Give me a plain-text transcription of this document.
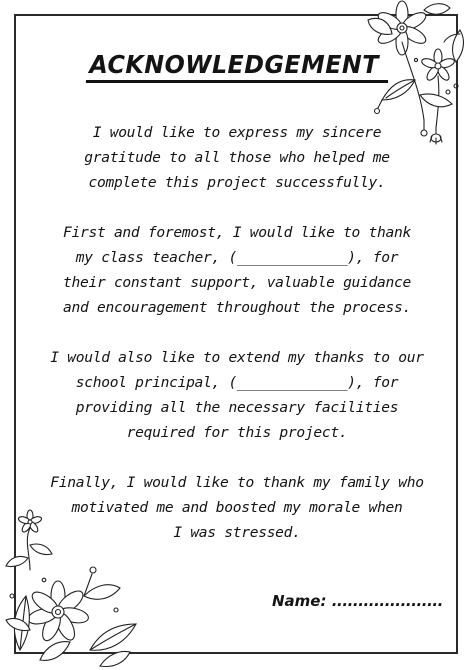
ACKNOWLEDGEMENT

I would like to express my sincere
gratitude to all those who helped me
complete this project successfully.

First and foremost, I would like to thank
my class teacher, (_____________), for
their constant support, valuable guidance
and encouragement throughout the process.

I would also like to extend my thanks to our
school principal, (_____________), for
providing all the necessary facilities
required for this project.

Finally, I would like to thank my family who
motivated me and boosted my morale when
I was stressed.

Name: .....................
